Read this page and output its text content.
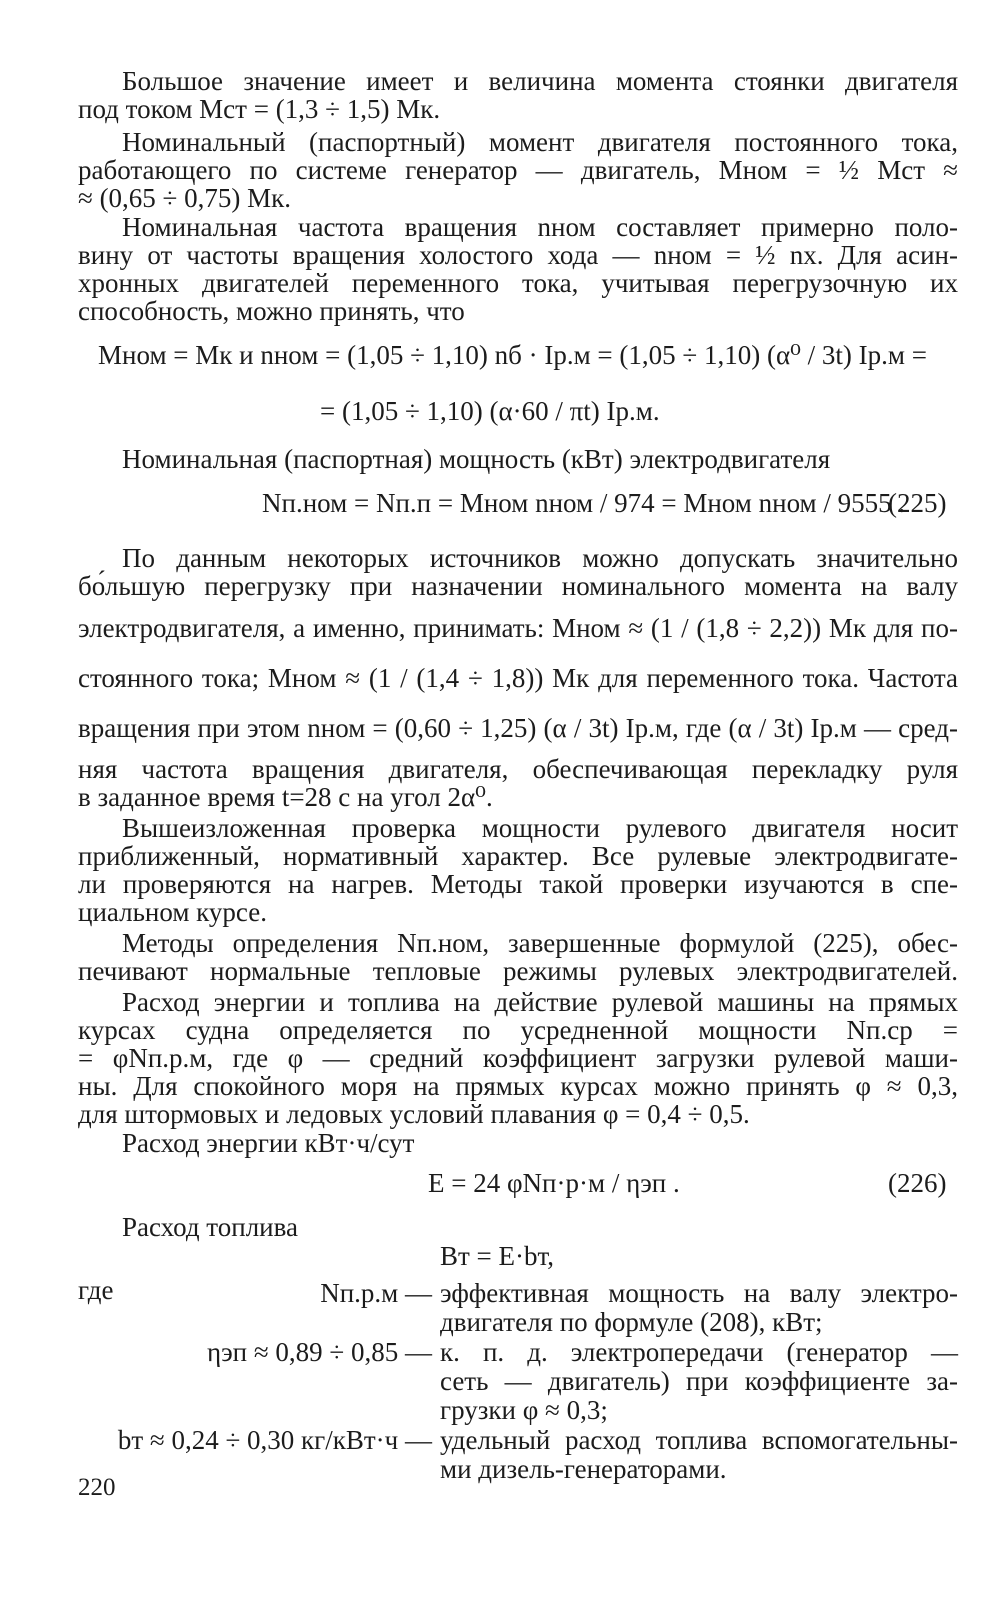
Большое значение имеет и величина момента стоянки двигателя
под током Mст = (1,3 ÷ 1,5) Mк.
Номинальный (паспортный) момент двигателя постоянного тока,
работающего по системе генератор — двигатель, Mном = ½ Mст ≈
≈ (0,65 ÷ 0,75) Mк.
Номинальная частота вращения nном составляет примерно поло-
вину от частоты вращения холостого хода — nном = ½ nх. Для асин-
хронных двигателей переменного тока, учитывая перегрузочную их
способность, можно принять, что
Mном = Mк и nном = (1,05 ÷ 1,10) nб · Iр.м = (1,05 ÷ 1,10) (α⁰ / 3t) Iр.м =
= (1,05 ÷ 1,10) (α·60 / πt) Iр.м.
Номинальная (паспортная) мощность (кВт) электродвигателя
Nп.ном = Nп.п = Mном nном / 974 = Mном nном / 9555 .
(225)
По данным некоторых источников можно допускать значительно
бо́льшую перегрузку при назначении номинального момента на валу
электродвигателя, а именно, принимать: Mном ≈ (1 / (1,8 ÷ 2,2)) Mк для по-
стоянного тока; Mном ≈ (1 / (1,4 ÷ 1,8)) Mк для переменного тока. Частота
вращения при этом nном = (0,60 ÷ 1,25) (α / 3t) Iр.м, где (α / 3t) Iр.м — сред-
няя частота вращения двигателя, обеспечивающая перекладку руля
в заданное время t=28 с на угол 2α⁰.
Вышеизложенная проверка мощности рулевого двигателя носит
приближенный, нормативный характер. Все рулевые электродвигате-
ли проверяются на нагрев. Методы такой проверки изучаются в спе-
циальном курсе.
Методы определения Nп.ном, завершенные формулой (225), обес-
печивают нормальные тепловые режимы рулевых электродвигателей.
Расход энергии и топлива на действие рулевой машины на прямых
курсах судна определяется по усредненной мощности Nп.ср =
= φNп.р.м, где φ — средний коэффициент загрузки рулевой маши-
ны. Для спокойного моря на прямых курсах можно принять φ ≈ 0,3,
для штормовых и ледовых условий плавания φ = 0,4 ÷ 0,5.
Расход энергии кВт·ч/сут
E = 24 φNп·р·м / ηэп .	(226)
Расход топлива
Bт = E·bт,
где	Nп.р.м — эффективная мощность на валу электро-
двигателя по формуле (208), кВт;
ηэп ≈ 0,89 ÷ 0,85 — к. п. д. электропередачи (генератор —
сеть — двигатель) при коэффициенте за-
грузки φ ≈ 0,3;
bт ≈ 0,24 ÷ 0,30 кг/кВт·ч — удельный расход топлива вспомогательны-
ми дизель-генераторами.
220
